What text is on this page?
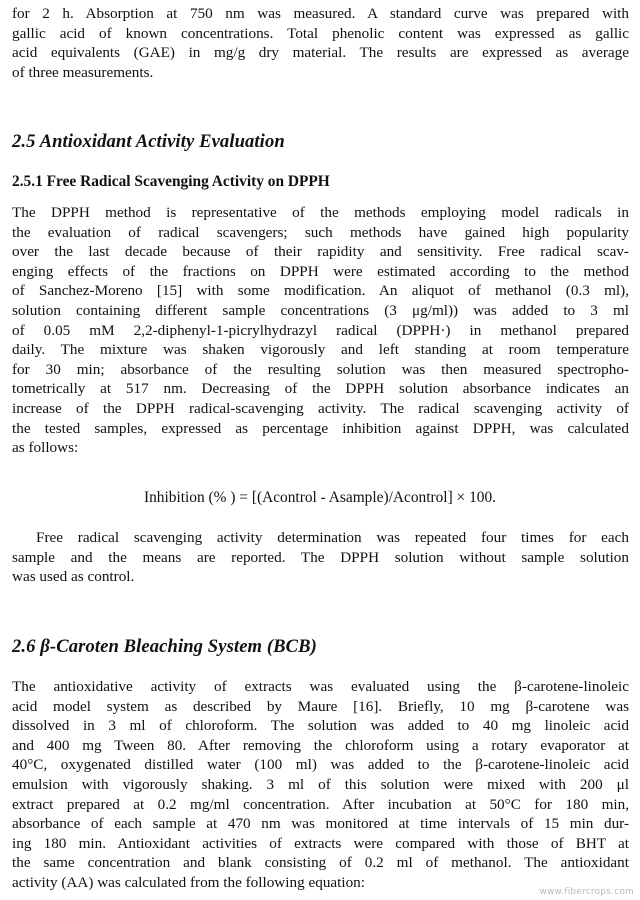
for 2 h. Absorption at 750 nm was measured. A standard curve was prepared with
gallic acid of known concentrations. Total phenolic content was expressed as gallic
acid equivalents (GAE) in mg/g dry material. The results are expressed as average
of three measurements.

2.5 Antioxidant Activity Evaluation
2.5.1 Free Radical Scavenging Activity on DPPH

The DPPH method is representative of the methods employing model radicals in
the evaluation of radical scavengers; such methods have gained high popularity
over the last decade because of their rapidity and sensitivity. Free radical scav-
enging effects of the fractions on DPPH were estimated according to the method
of Sanchez-Moreno [15] with some modification. An aliquot of methanol (0.3 ml),
solution containing different sample concentrations (3 μg/ml)) was added to 3 ml
of 0.05 mM 2,2-diphenyl-1-picrylhydrazyl radical (DPPH·) in methanol prepared
daily. The mixture was shaken vigorously and left standing at room temperature
for 30 min; absorbance of the resulting solution was then measured spectropho-
tometrically at 517 nm. Decreasing of the DPPH solution absorbance indicates an
increase of the DPPH radical-scavenging activity. The radical scavenging activity of
the tested samples, expressed as percentage inhibition against DPPH, was calculated
as follows:

Inhibition (% ) = [(Acontrol - Asample)/Acontrol] × 100.

Free radical scavenging activity determination was repeated four times for each
sample and the means are reported. The DPPH solution without sample solution
was used as control.

2.6 β-Caroten Bleaching System (BCB)

The antioxidative activity of extracts was evaluated using the β-carotene-linoleic
acid model system as described by Maure [16]. Briefly, 10 mg β-carotene was
dissolved in 3 ml of chloroform. The solution was added to 40 mg linoleic acid
and 400 mg Tween 80. After removing the chloroform using a rotary evaporator at
40°C, oxygenated distilled water (100 ml) was added to the β-carotene-linoleic acid
emulsion with vigorously shaking. 3 ml of this solution were mixed with 200 μl
extract prepared at 0.2 mg/ml concentration. After incubation at 50°C for 180 min,
absorbance of each sample at 470 nm was monitored at time intervals of 15 min dur-
ing 180 min. Antioxidant activities of extracts were compared with those of BHT at
the same concentration and blank consisting of 0.2 ml of methanol. The antioxidant
activity (AA) was calculated from the following equation:

www.fibercrops.com
